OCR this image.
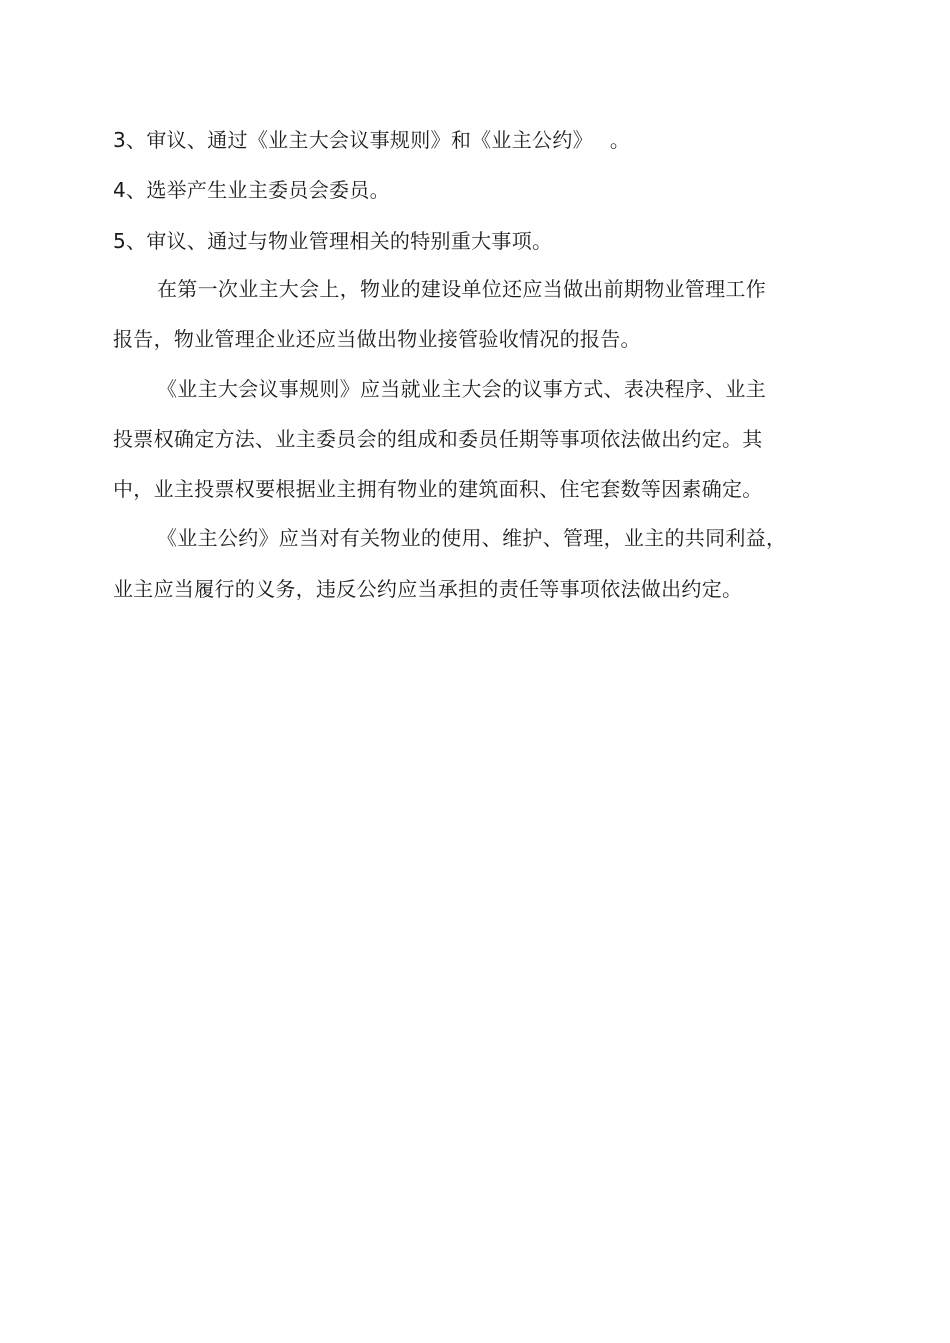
3、审议、通过《业主大会议事规则》和《业主公约》　 。
4、选举产生业主委员会委员。
5、审议、通过与物业管理相关的特别重大事项。
在第一次业主大会上，物业的建设单位还应当做出前期物业管理工作
报告，物业管理企业还应当做出物业接管验收情况的报告。
《业主大会议事规则》应当就业主大会的议事方式、表决程序、业主
投票权确定方法、业主委员会的组成和委员任期等事项依法做出约定。其
中，业主投票权要根据业主拥有物业的建筑面积、住宅套数等因素确定。
《业主公约》应当对有关物业的使用、维护、管理，业主的共同利益，
业主应当履行的义务，违反公约应当承担的责任等事项依法做出约定。
